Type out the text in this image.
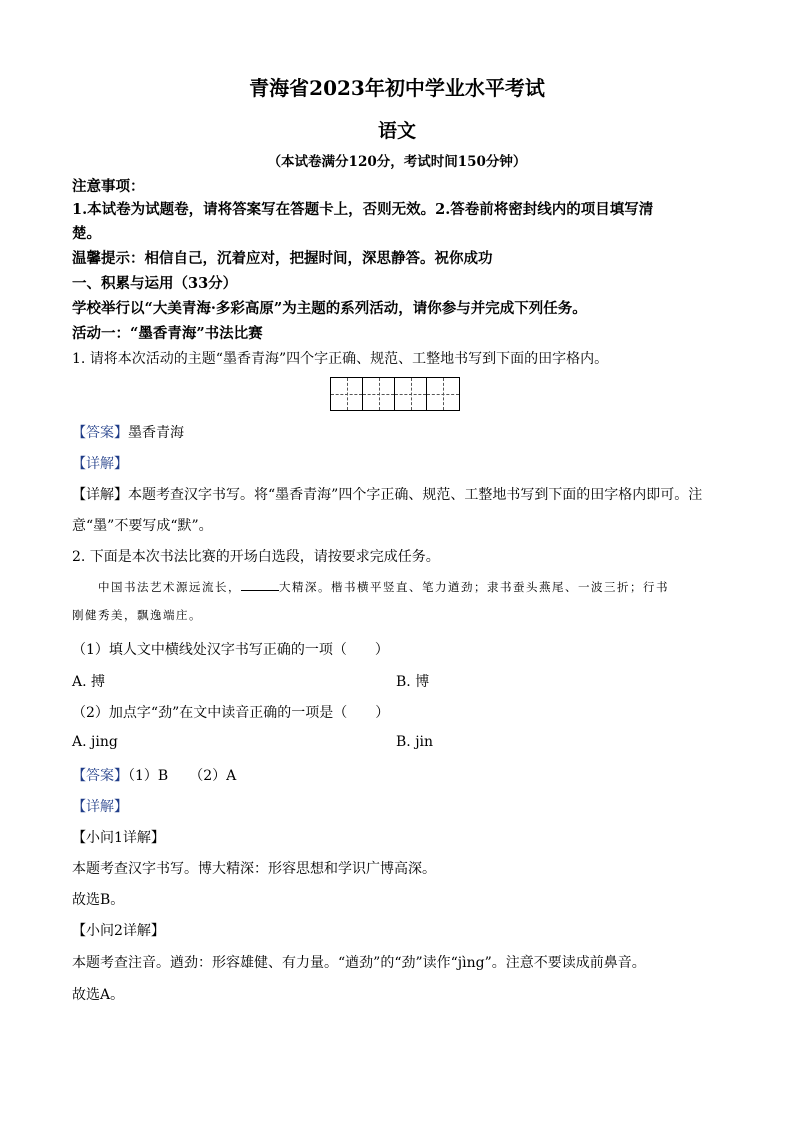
青海省2023年初中学业水平考试
语文
（本试卷满分120分，考试时间150分钟）
注意事项：
1.本试卷为试题卷，请将答案写在答题卡上，否则无效。2.答卷前将密封线内的项目填写清
楚。
温馨提示：相信自己，沉着应对，把握时间，深思静答。祝你成功
一、积累与运用（33分）
学校举行以“大美青海·多彩高原”为主题的系列活动，请你参与并完成下列任务。
活动一：“墨香青海”书法比赛
1. 请将本次活动的主题“墨香青海”四个字正确、规范、工整地书写到下面的田字格内。
【答案】墨香青海
【详解】
【详解】本题考查汉字书写。将“墨香青海”四个字正确、规范、工整地书写到下面的田字格内即可。注
意“墨”不要写成“默”。
2. 下面是本次书法比赛的开场白选段，请按要求完成任务。
中国书法艺术源远流长，	大精深。楷书横平竖直、笔力遒劲；隶书蚕头燕尾、一波三折；行书
刚健秀美，飘逸端庄。
（1）填人文中横线处汉字书写正确的一项（　　）
A. 搏	B. 博
（2）加点字“劲”在文中读音正确的一项是（　　）
A. jing	B. jin
【答案】（1）B　　（2）A
【详解】
【小问1详解】
本题考查汉字书写。博大精深：形容思想和学识广博高深。
故选B。
【小问2详解】
本题考查注音。遒劲：形容雄健、有力量。“遒劲”的“劲”读作“jìng”。注意不要读成前鼻音。
故选A。
